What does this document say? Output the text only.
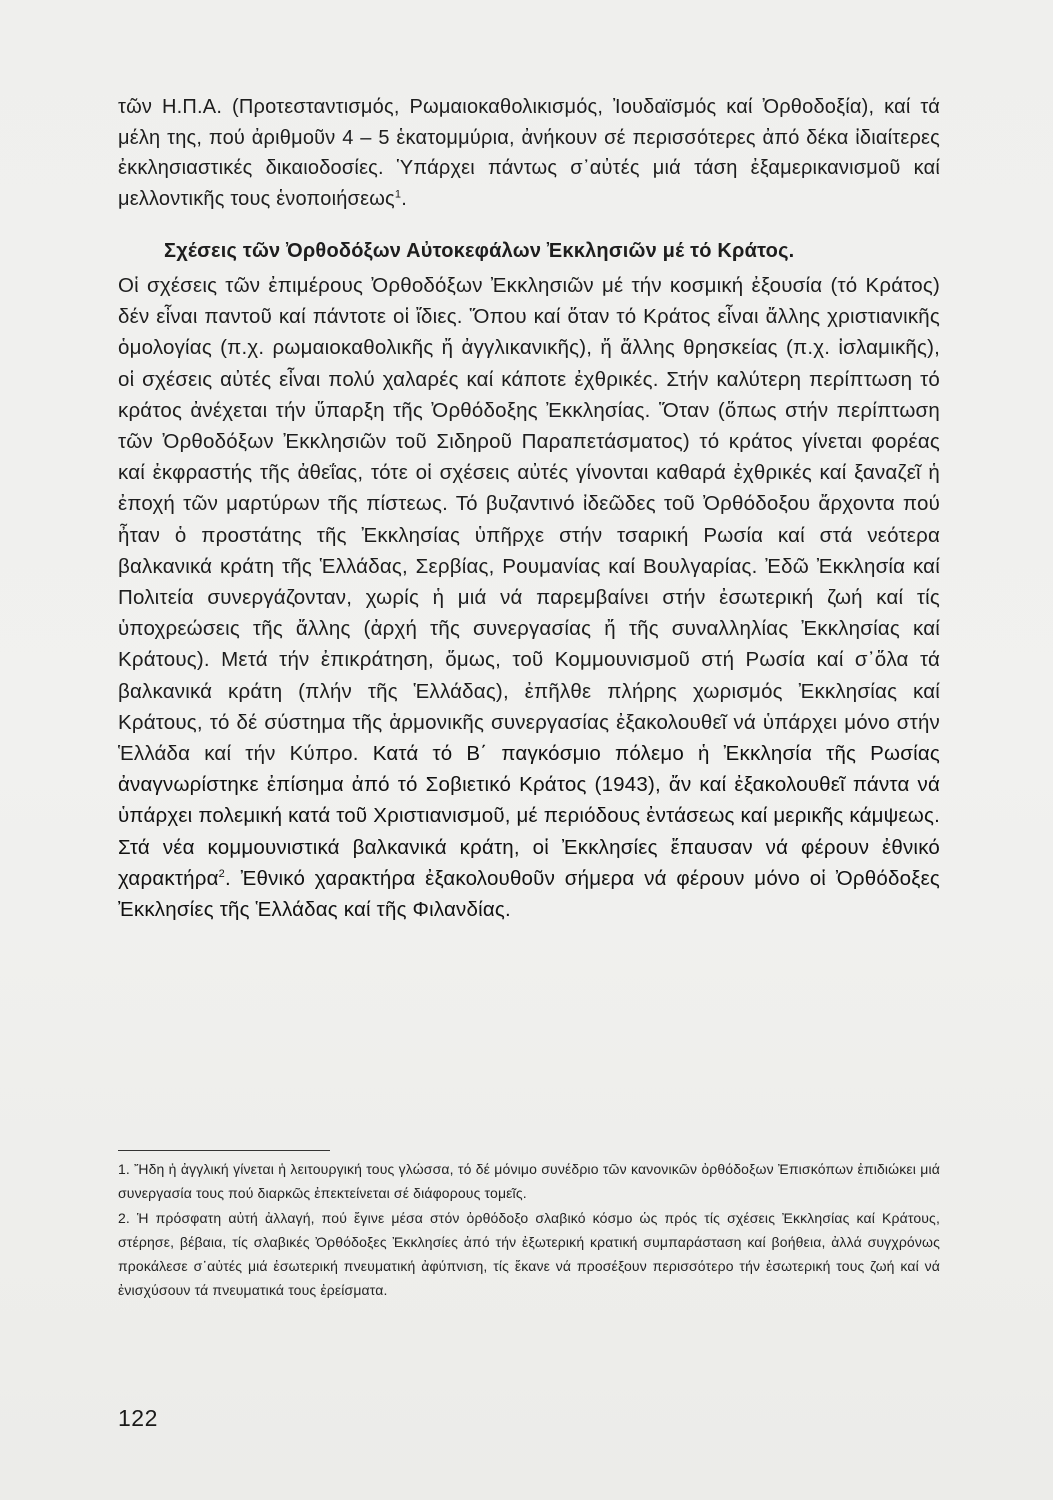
τῶν Η.Π.Α. (Προτεσταντισμός, Ρωμαιοκαθολικισμός, Ἰουδαϊσμός καί Ὀρθοδοξία), καί τά μέλη της, πού ἀριθμοῦν 4 – 5 ἑκατομμύρια, ἀνήκουν σέ περισσότερες ἀπό δέκα ἰδιαίτερες ἐκκλησιαστικές δικαιοδοσίες. Ὑπάρχει πάντως σ᾽αὐτές μιά τάση ἐξαμερικανισμοῦ καί μελλοντικῆς τους ἑνοποιήσεως$^1$.

Σχέσεις τῶν Ὀρθοδόξων Αὐτοκεφάλων Ἐκκλησιῶν μέ τό Κράτος.

Οἱ σχέσεις τῶν ἐπιμέρους Ὀρθοδόξων Ἐκκλησιῶν μέ τήν κοσμική ἐξουσία (τό Κράτος) δέν εἶναι παντοῦ καί πάντοτε οἱ ἴδιες. Ὅπου καί ὅταν τό Κράτος εἶναι ἄλλης χριστιανικῆς ὁμολογίας (π.χ. ρωμαιοκαθολικῆς ἤ ἀγγλικανικῆς), ἤ ἄλλης θρησκείας (π.χ. ἰσλαμικῆς), οἱ σχέσεις αὐτές εἶναι πολύ χαλαρές καί κάποτε ἐχθρικές. Στήν καλύτερη περίπτωση τό κράτος ἀνέχεται τήν ὕπαρξη τῆς Ὀρθόδοξης Ἐκκλησίας. Ὅταν (ὅπως στήν περίπτωση τῶν Ὀρθοδόξων Ἐκκλησιῶν τοῦ Σιδηροῦ Παραπετάσματος) τό κράτος γίνεται φορέας καί ἐκφραστής τῆς ἀθεΐας, τότε οἱ σχέσεις αὐτές γίνονται καθαρά ἐχθρικές καί ξαναζεῖ ἡ ἐποχή τῶν μαρτύρων τῆς πίστεως. Τό βυζαντινό ἰδεῶδες τοῦ Ὀρθόδοξου ἄρχοντα πού ἦταν ὁ προστάτης τῆς Ἐκκλησίας ὑπῆρχε στήν τσαρική Ρωσία καί στά νεότερα βαλκανικά κράτη τῆς Ἑλλάδας, Σερβίας, Ρουμανίας καί Βουλγαρίας. Ἐδῶ Ἐκκλησία καί Πολιτεία συνεργάζονταν, χωρίς ἡ μιά νά παρεμβαίνει στήν ἐσωτερική ζωή καί τίς ὑποχρεώσεις τῆς ἄλλης (ἀρχή τῆς συνεργασίας ἤ τῆς συναλληλίας Ἐκκλησίας καί Κράτους). Μετά τήν ἐπικράτηση, ὅμως, τοῦ Κομμουνισμοῦ στή Ρωσία καί σ᾽ὅλα τά βαλκανικά κράτη (πλήν τῆς Ἑλλάδας), ἐπῆλθε πλήρης χωρισμός Ἐκκλησίας καί Κράτους, τό δέ σύστημα τῆς ἁρμονικῆς συνεργασίας ἐξακολουθεῖ νά ὑπάρχει μόνο στήν Ἑλλάδα καί τήν Κύπρο. Κατά τό Β΄ παγκόσμιο πόλεμο ἡ Ἐκκλησία τῆς Ρωσίας ἀναγνωρίστηκε ἐπίσημα ἀπό τό Σοβιετικό Κράτος (1943), ἄν καί ἐξακολουθεῖ πάντα νά ὑπάρχει πολεμική κατά τοῦ Χριστιανισμοῦ, μέ περιόδους ἐντάσεως καί μερικῆς κάμψεως. Στά νέα κομμουνιστικά βαλκανικά κράτη, οἱ Ἐκκλησίες ἔπαυσαν νά φέρουν ἐθνικό χαρακτήρα$^2$. Ἐθνικό χαρακτήρα ἐξακολουθοῦν σήμερα νά φέρουν μόνο οἱ Ὀρθόδοξες Ἐκκλησίες τῆς Ἑλλάδας καί τῆς Φιλανδίας.

1. Ἤδη ἡ ἀγγλική γίνεται ἡ λειτουργική τους γλώσσα, τό δέ μόνιμο συνέδριο τῶν κανονικῶν ὀρθόδοξων Ἐπισκόπων ἐπιδιώκει μιά συνεργασία τους πού διαρκῶς ἐπεκτείνεται σέ διάφορους τομεῖς.

2. Ἡ πρόσφατη αὐτή ἀλλαγή, πού ἔγινε μέσα στόν ὀρθόδοξο σλαβικό κόσμο ὡς πρός τίς σχέσεις Ἐκκλησίας καί Κράτους, στέρησε, βέβαια, τίς σλαβικές Ὀρθόδοξες Ἐκκλησίες ἀπό τήν ἐξωτερική κρατική συμπαράσταση καί βοήθεια, ἀλλά συγχρόνως προκάλεσε σ᾽αὐτές μιά ἐσωτερική πνευματική ἀφύπνιση, τίς ἔκανε νά προσέξουν περισσότερο τήν ἐσωτερική τους ζωή καί νά ἐνισχύσουν τά πνευματικά τους ἐρείσματα.

122
